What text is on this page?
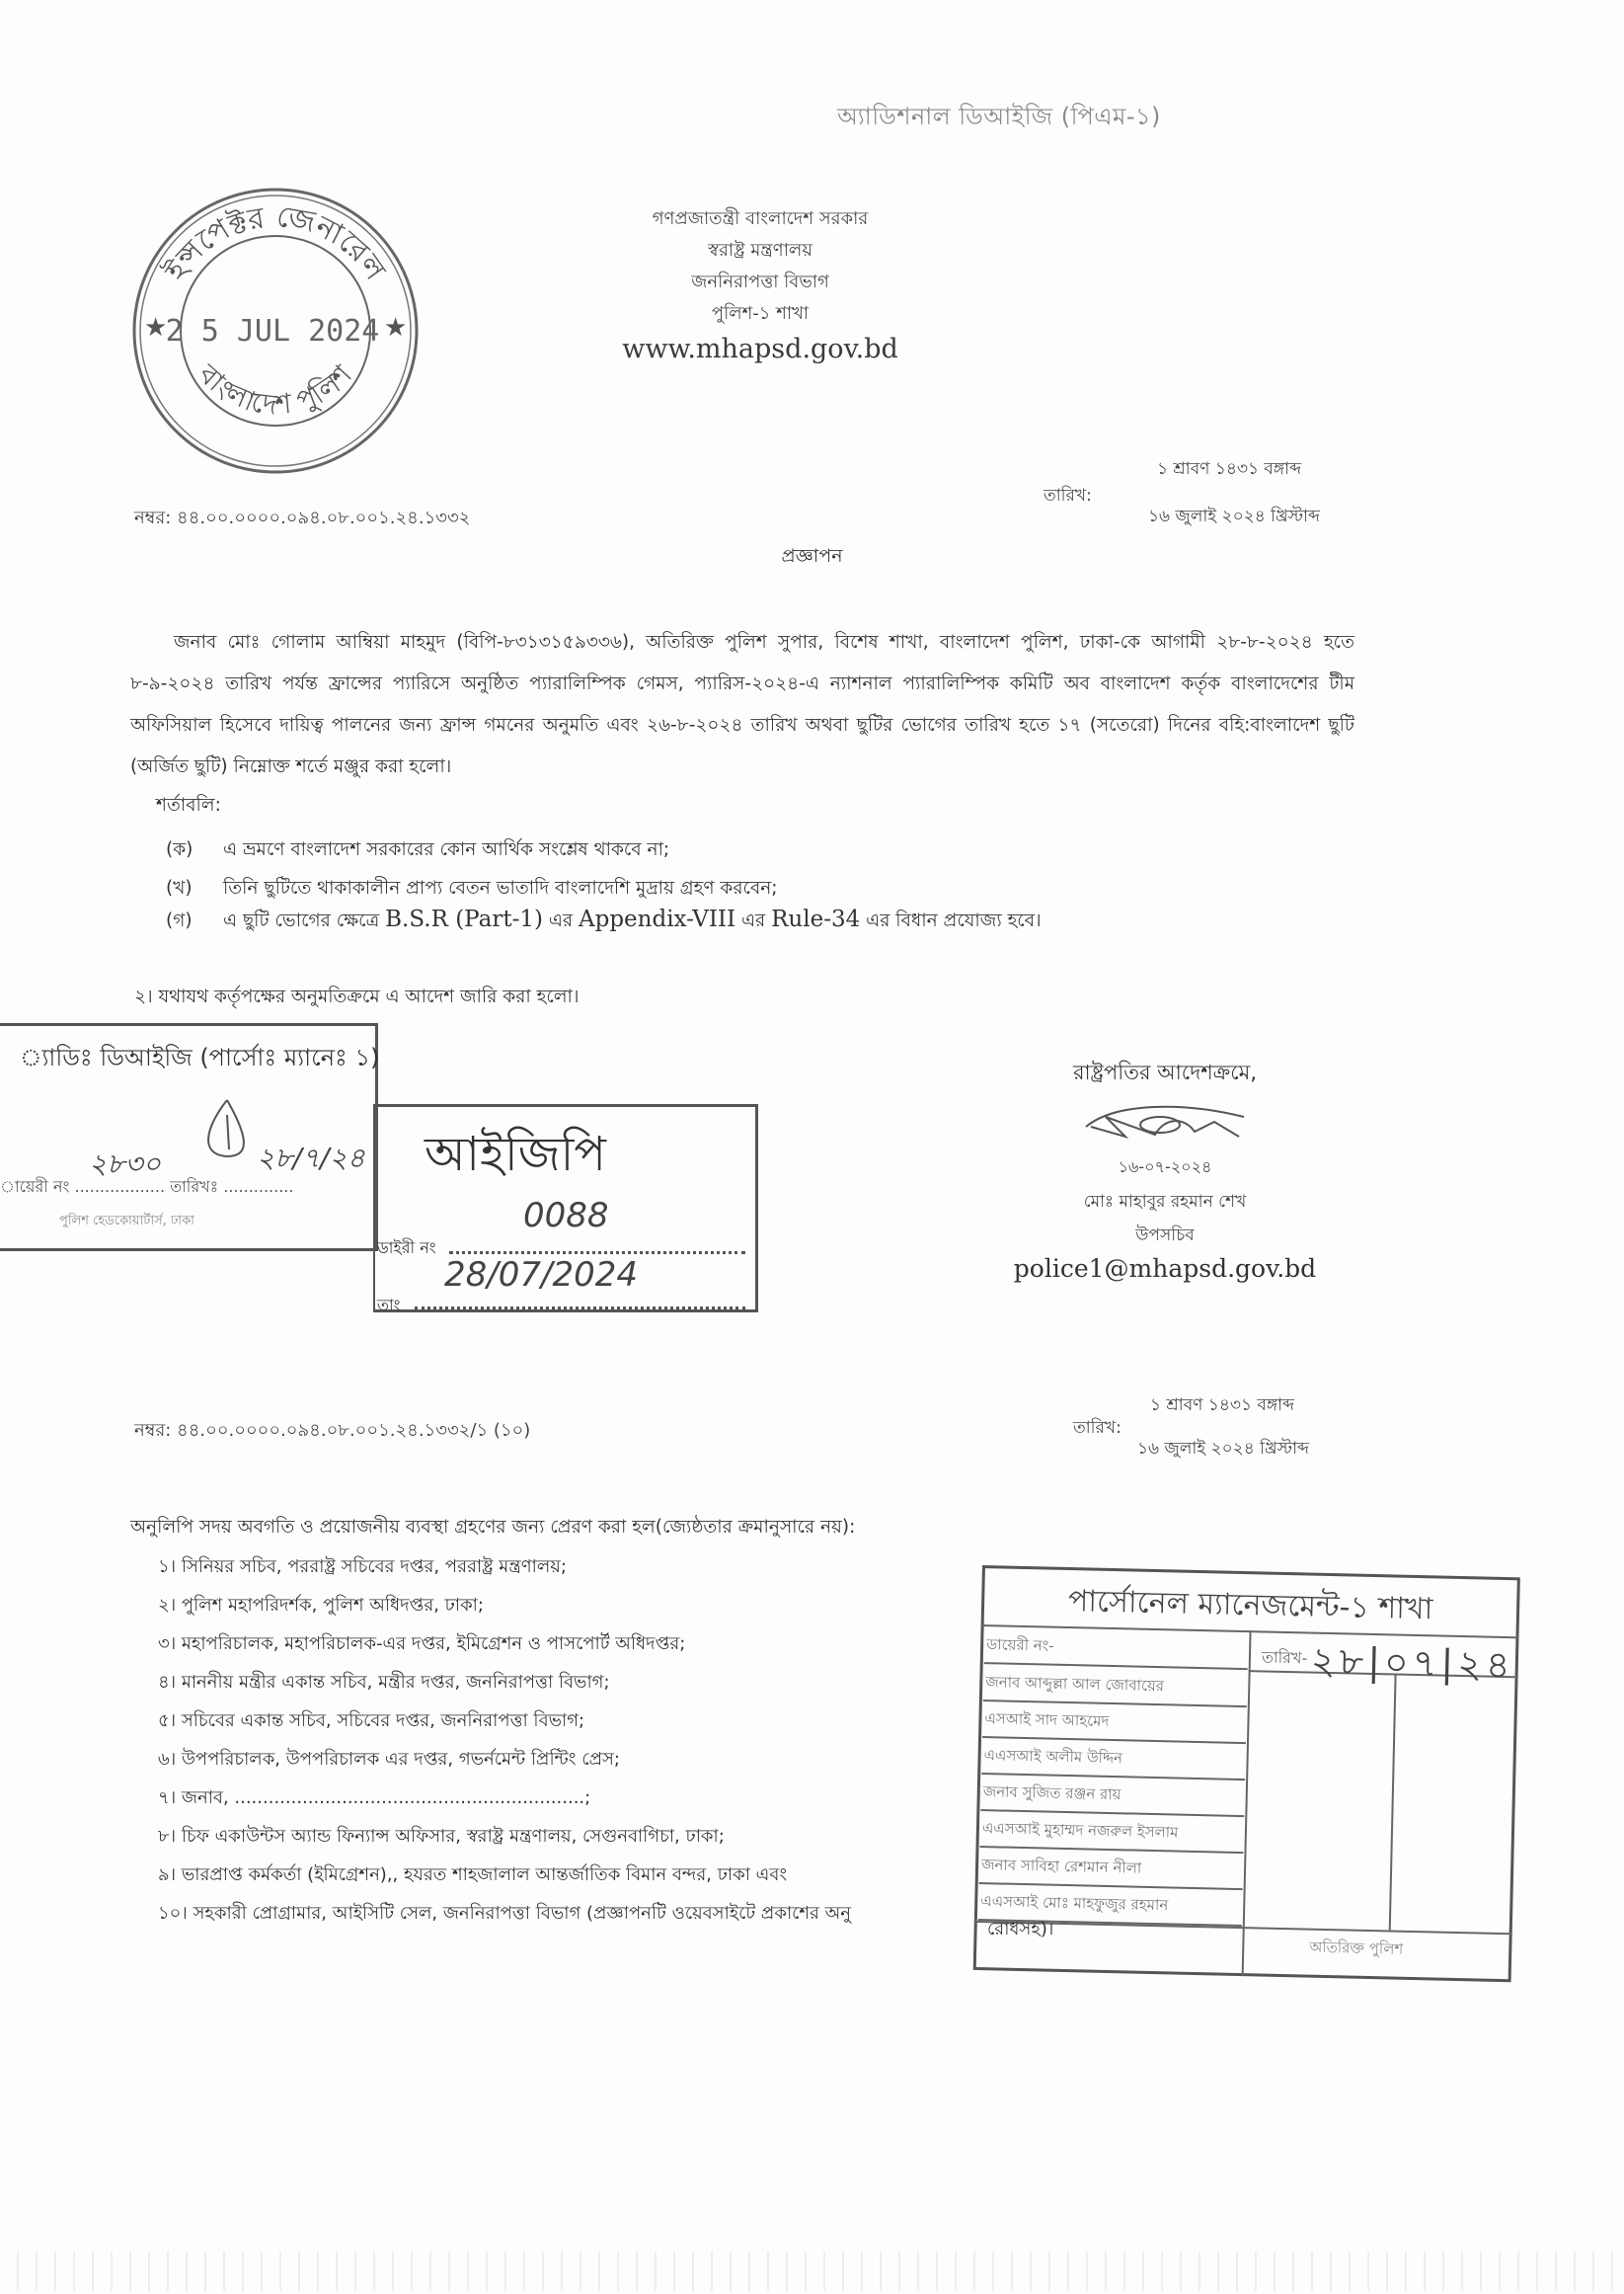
অ্যাডিশনাল ডিআইজি (পিএম-১)
ইন্সপেক্টর জেনারেল
বাংলাদেশ পুলিশ
2 5 JUL 2024
★	★
গণপ্রজাতন্ত্রী বাংলাদেশ সরকার
স্বরাষ্ট্র মন্ত্রণালয়
জননিরাপত্তা বিভাগ
পুলিশ-১ শাখা
www.mhapsd.gov.bd
নম্বর: ৪৪.০০.০০০০.০৯৪.০৮.০০১.২৪.১৩৩২
তারিখ:
১ শ্রাবণ ১৪৩১ বঙ্গাব্দ
১৬ জুলাই ২০২৪ খ্রিস্টাব্দ
প্রজ্ঞাপন
জনাব মোঃ গোলাম আম্বিয়া মাহমুদ (বিপি-৮৩১৩১৫৯৩৩৬), অতিরিক্ত পুলিশ সুপার, বিশেষ শাখা, বাংলাদেশ পুলিশ, ঢাকা-কে আগামী ২৮-৮-২০২৪ হতে ৮-৯-২০২৪ তারিখ পর্যন্ত ফ্রান্সের প্যারিসে অনুষ্ঠিত প্যারালিম্পিক গেমস, প্যারিস-২০২৪-এ ন্যাশনাল প্যারালিম্পিক কমিটি অব বাংলাদেশ কর্তৃক বাংলাদেশের টীম অফিসিয়াল হিসেবে দায়িত্ব পালনের জন্য ফ্রান্স গমনের অনুমতি এবং ২৬-৮-২০২৪ তারিখ অথবা ছুটির ভোগের তারিখ হতে ১৭ (সতেরো) দিনের বহি:বাংলাদেশ ছুটি (অর্জিত ছুটি) নিম্নোক্ত শর্তে মঞ্জুর করা হলো।
শর্তাবলি:
(ক) এ ভ্রমণে বাংলাদেশ সরকারের কোন আর্থিক সংশ্লেষ থাকবে না;
(খ) তিনি ছুটিতে থাকাকালীন প্রাপ্য বেতন ভাতাদি বাংলাদেশি মুদ্রায় গ্রহণ করবেন;
(গ) এ ছুটি ভোগের ক্ষেত্রে B.S.R (Part-1) এর Appendix-VIII এর Rule-34 এর বিধান প্রযোজ্য হবে।
২। যথাযথ কর্তৃপক্ষের অনুমতিক্রমে এ আদেশ জারি করা হলো।
্যাডিঃ ডিআইজি (পার্সোঃ ম্যানেঃ ১)
২৮৩০	২৮/৭/২৪
ায়েরী নং .................. তারিখঃ ..............
পুলিশ হেডকোয়ার্টার্স, ঢাকা
আইজিপি
ডাইরী নং
0088
তাং
28/07/2024
রাষ্ট্রপতির আদেশক্রমে,
১৬-০৭-২০২৪
মোঃ মাহাবুর রহমান শেখ
উপসচিব
police1@mhapsd.gov.bd
নম্বর: ৪৪.০০.০০০০.০৯৪.০৮.০০১.২৪.১৩৩২/১ (১০)	তারিখ:
১ শ্রাবণ ১৪৩১ বঙ্গাব্দ
১৬ জুলাই ২০২৪ খ্রিস্টাব্দ
অনুলিপি সদয় অবগতি ও প্রয়োজনীয় ব্যবস্থা গ্রহণের জন্য প্রেরণ করা হল(জ্যেষ্ঠতার ক্রমানুসারে নয়):
১। সিনিয়র সচিব, পররাষ্ট্র সচিবের দপ্তর, পররাষ্ট্র মন্ত্রণালয়;
২। পুলিশ মহাপরিদর্শক, পুলিশ অধিদপ্তর, ঢাকা;
৩। মহাপরিচালক, মহাপরিচালক-এর দপ্তর, ইমিগ্রেশন ও পাসপোর্ট অধিদপ্তর;
৪। মাননীয় মন্ত্রীর একান্ত সচিব, মন্ত্রীর দপ্তর, জননিরাপত্তা বিভাগ;
৫। সচিবের একান্ত সচিব, সচিবের দপ্তর, জননিরাপত্তা বিভাগ;
৬। উপপরিচালক, উপপরিচালক এর দপ্তর, গভর্নমেন্ট প্রিন্টিং প্রেস;
৭। জনাব, ..............................................................;
৮। চিফ একাউন্টস অ্যান্ড ফিন্যান্স অফিসার, স্বরাষ্ট্র মন্ত্রণালয়, সেগুনবাগিচা, ঢাকা;
৯। ভারপ্রাপ্ত কর্মকর্তা (ইমিগ্রেশন),, হযরত শাহজালাল আন্তর্জাতিক বিমান বন্দর, ঢাকা এবং
১০। সহকারী প্রোগ্রামার, আইসিটি সেল, জননিরাপত্তা বিভাগ (প্রজ্ঞাপনটি ওয়েবসাইটে প্রকাশের অনু
পার্সোনেল ম্যানেজমেন্ট-১ শাখা
ডায়েরী নং-
তারিখ- ২৮|০৭|২৪
জনাব আব্দুল্লা আল জোবায়ের
এসআই সাদ আহমেদ
এএসআই অলীম উদ্দিন
জনাব সুজিত রঞ্জন রায়
এএসআই মুহাম্মদ নজরুল ইসলাম
জনাব সাবিহা রেশমান নীলা
এএসআই মোঃ মাহফুজুর রহমান
অতিরিক্ত পুলিশ
রোধসহ)।
